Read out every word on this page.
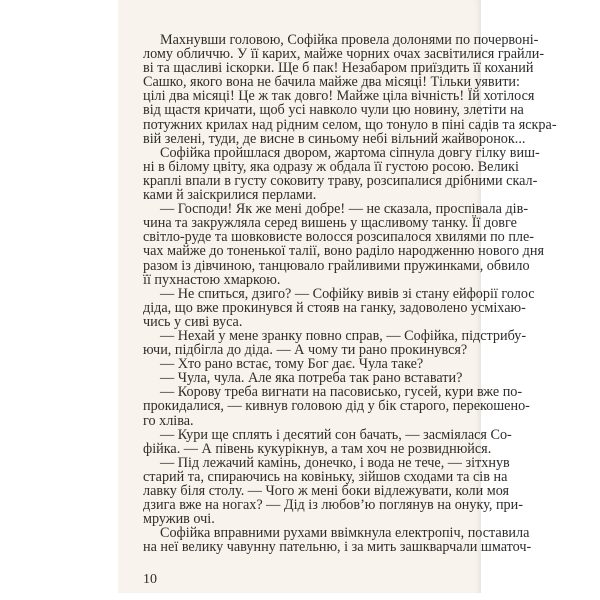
Махнувши головою, Софійка провела долонями по почервоні-
лому обличчю. У її карих, майже чорних очах засвітилися грайли-
ві та щасливі іскорки. Ще б пак! Незабаром приїздить її коханий
Сашко, якого вона не бачила майже два місяці! Тільки уявити:
цілі два місяці! Це ж так довго! Майже ціла вічність! Їй хотілося
від щастя кричати, щоб усі навколо чули цю новину, злетіти на
потужних крилах над рідним селом, що тонуло в піні садів та яскра-
вій зелені, туди, де висне в синьому небі вільний жайворонок...
Софійка пройшлася двором, жартома сіпнула довгу гілку виш-
ні в білому цвіту, яка одразу ж обдала її густою росою. Великі
краплі впали в густу соковиту траву, розсипалися дрібними скал-
ками й заіскрилися перлами.
— Господи! Як же мені добре! — не сказала, проспівала дів-
чина та закружляла серед вишень у щасливому танку. Її довге
світло-руде та шовковисте волосся розсипалося хвилями по пле-
чах майже до тоненької талії, воно раділо народженню нового дня
разом із дівчиною, танцювало грайливими пружинками, обвило
її пухнастою хмаркою.
— Не спиться, дзиго? — Софійку вивів зі стану ейфорії голос
діда, що вже прокинувся й стояв на ганку, задоволено усміхаю-
чись у сиві вуса.
— Нехай у мене зранку повно справ, — Софійка, підстрибу-
ючи, підбігла до діда. — А чому ти рано прокинувся?
— Хто рано встає, тому Бог дає. Чула таке?
— Чула, чула. Але яка потреба так рано вставати?
— Корову треба вигнати на пасовисько, гусей, кури вже по-
прокидалися, — кивнув головою дід у бік старого, перекошено-
го хліва.
— Кури ще сплять і десятий сон бачать, — засміялася Со-
фійка. — А півень кукурікнув, а там хоч не розвиднюйся.
— Під лежачий камінь, донечко, і вода не тече, — зітхнув
старий та, спираючись на ковіньку, зійшов сходами та сів на
лавку біля столу. — Чого ж мені боки відлежувати, коли моя
дзига вже на ногах? — Дід із любов’ю поглянув на онуку, при-
мружив очі.
Софійка вправними рухами ввімкнула електропіч, поставила
на неї велику чавунну пательню, і за мить зашкварчали шматоч-
10
